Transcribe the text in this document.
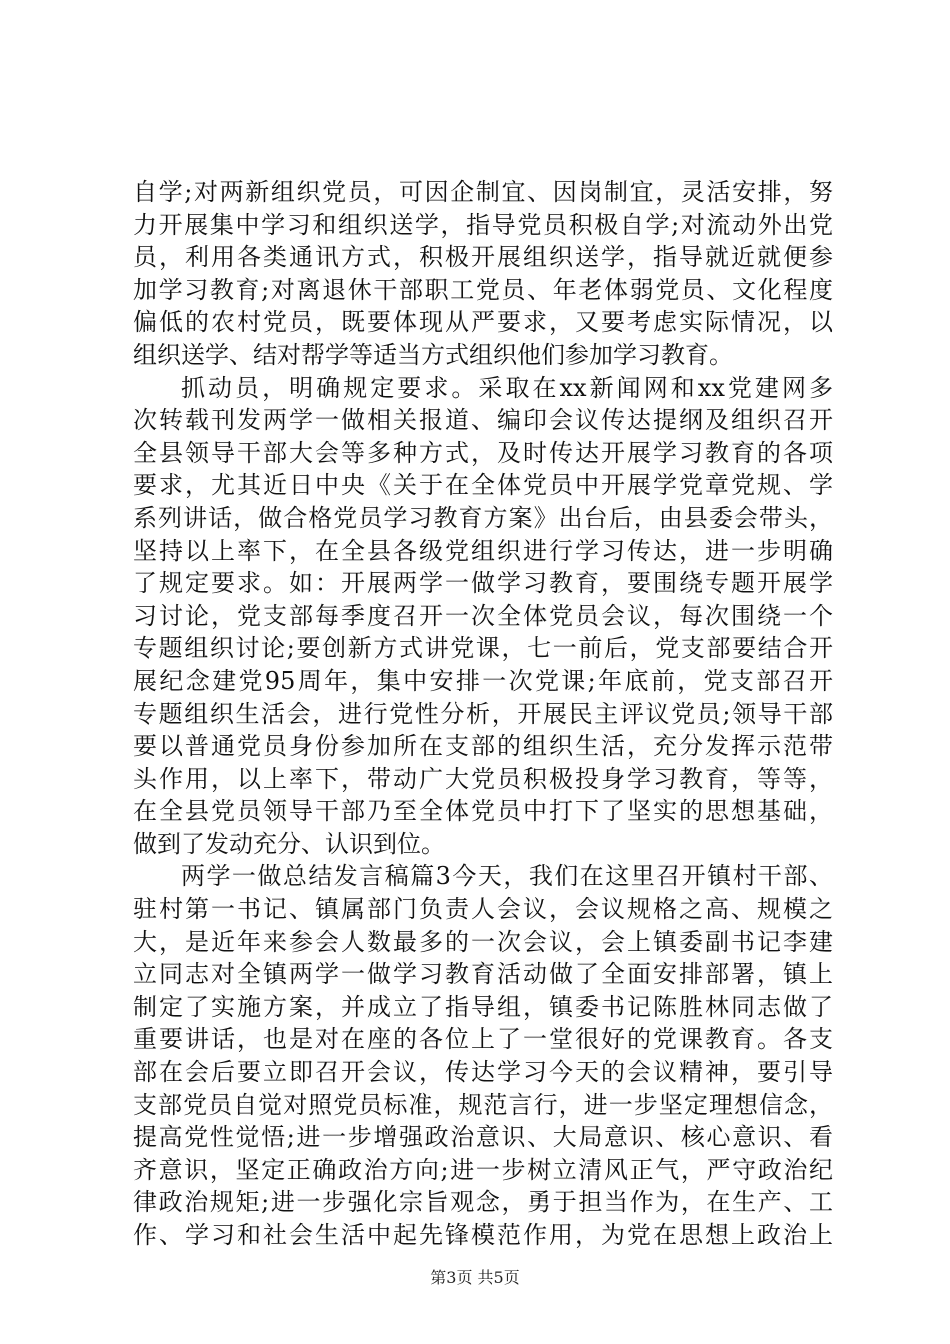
自学;对两新组织党员，可因企制宜、因岗制宜，灵活安排，努
力开展集中学习和组织送学，指导党员积极自学;对流动外出党
员，利用各类通讯方式，积极开展组织送学，指导就近就便参
加学习教育;对离退休干部职工党员、年老体弱党员、文化程度
偏低的农村党员，既要体现从严要求，又要考虑实际情况，以
组织送学、结对帮学等适当方式组织他们参加学习教育。
抓动员，明确规定要求。采取在xx新闻网和xx党建网多
次转载刊发两学一做相关报道、编印会议传达提纲及组织召开
全县领导干部大会等多种方式，及时传达开展学习教育的各项
要求，尤其近日中央《关于在全体党员中开展学党章党规、学
系列讲话，做合格党员学习教育方案》出台后，由县委会带头，
坚持以上率下，在全县各级党组织进行学习传达，进一步明确
了规定要求。如：开展两学一做学习教育，要围绕专题开展学
习讨论，党支部每季度召开一次全体党员会议，每次围绕一个
专题组织讨论;要创新方式讲党课，七一前后，党支部要结合开
展纪念建党95周年，集中安排一次党课;年底前，党支部召开
专题组织生活会，进行党性分析，开展民主评议党员;领导干部
要以普通党员身份参加所在支部的组织生活，充分发挥示范带
头作用，以上率下，带动广大党员积极投身学习教育，等等，
在全县党员领导干部乃至全体党员中打下了坚实的思想基础，
做到了发动充分、认识到位。
两学一做总结发言稿篇3今天，我们在这里召开镇村干部、
驻村第一书记、镇属部门负责人会议，会议规格之高、规模之
大，是近年来参会人数最多的一次会议，会上镇委副书记李建
立同志对全镇两学一做学习教育活动做了全面安排部署，镇上
制定了实施方案，并成立了指导组，镇委书记陈胜林同志做了
重要讲话，也是对在座的各位上了一堂很好的党课教育。各支
部在会后要立即召开会议，传达学习今天的会议精神，要引导
支部党员自觉对照党员标准，规范言行，进一步坚定理想信念，
提高党性觉悟;进一步增强政治意识、大局意识、核心意识、看
齐意识，坚定正确政治方向;进一步树立清风正气，严守政治纪
律政治规矩;进一步强化宗旨观念，勇于担当作为，在生产、工
作、学习和社会生活中起先锋模范作用，为党在思想上政治上
第3页 共5页
